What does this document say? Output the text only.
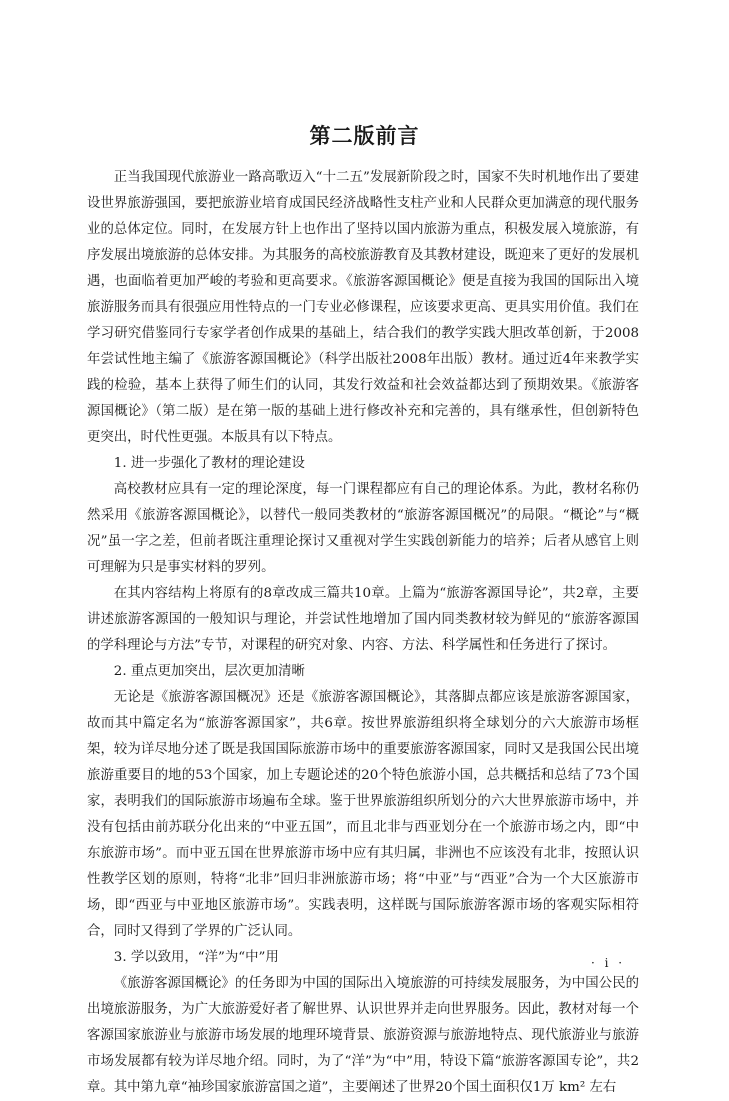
第二版前言

正当我国现代旅游业一路高歌迈入“十二五”发展新阶段之时，国家不失时机地作出了要建设世界旅游强国，要把旅游业培育成国民经济战略性支柱产业和人民群众更加满意的现代服务业的总体定位。同时，在发展方针上也作出了坚持以国内旅游为重点，积极发展入境旅游，有序发展出境旅游的总体安排。为其服务的高校旅游教育及其教材建设，既迎来了更好的发展机遇，也面临着更加严峻的考验和更高要求。《旅游客源国概论》便是直接为我国的国际出入境旅游服务而具有很强应用性特点的一门专业必修课程，应该要求更高、更具实用价值。我们在学习研究借鉴同行专家学者创作成果的基础上，结合我们的教学实践大胆改革创新，于2008年尝试性地主编了《旅游客源国概论》（科学出版社2008年出版）教材。通过近4年来教学实践的检验，基本上获得了师生们的认同，其发行效益和社会效益都达到了预期效果。《旅游客源国概论》（第二版）是在第一版的基础上进行修改补充和完善的，具有继承性，但创新特色更突出，时代性更强。本版具有以下特点。

1. 进一步强化了教材的理论建设

高校教材应具有一定的理论深度，每一门课程都应有自己的理论体系。为此，教材名称仍然采用《旅游客源国概论》，以替代一般同类教材的“旅游客源国概况”的局限。“概论”与“概况”虽一字之差，但前者既注重理论探讨又重视对学生实践创新能力的培养；后者从感官上则可理解为只是事实材料的罗列。

在其内容结构上将原有的8章改成三篇共10章。上篇为“旅游客源国导论”，共2章，主要讲述旅游客源国的一般知识与理论，并尝试性地增加了国内同类教材较为鲜见的“旅游客源国的学科理论与方法”专节，对课程的研究对象、内容、方法、科学属性和任务进行了探讨。

2. 重点更加突出，层次更加清晰

无论是《旅游客源国概况》还是《旅游客源国概论》，其落脚点都应该是旅游客源国家，故而其中篇定名为“旅游客源国家”，共6章。按世界旅游组织将全球划分的六大旅游市场框架，较为详尽地分述了既是我国国际旅游市场中的重要旅游客源国家，同时又是我国公民出境旅游重要目的地的53个国家，加上专题论述的20个特色旅游小国，总共概括和总结了73个国家，表明我们的国际旅游市场遍布全球。鉴于世界旅游组织所划分的六大世界旅游市场中，并没有包括由前苏联分化出来的“中亚五国”，而且北非与西亚划分在一个旅游市场之内，即“中东旅游市场”。而中亚五国在世界旅游市场中应有其归属，非洲也不应该没有北非，按照认识性教学区划的原则，特将“北非”回归非洲旅游市场；将“中亚”与“西亚”合为一个大区旅游市场，即“西亚与中亚地区旅游市场”。实践表明，这样既与国际旅游客源市场的客观实际相符合，同时又得到了学界的广泛认同。

3. 学以致用，“洋”为“中”用

《旅游客源国概论》的任务即为中国的国际出入境旅游的可持续发展服务，为中国公民的出境旅游服务，为广大旅游爱好者了解世界、认识世界并走向世界服务。因此，教材对每一个客源国家旅游业与旅游市场发展的地理环境背景、旅游资源与旅游地特点、现代旅游业与旅游市场发展都有较为详尽地介绍。同时，为了“洋”为“中”用，特设下篇“旅游客源国专论”，共2章。其中第九章“袖珍国家旅游富国之道”，主要阐述了世界20个国土面积仅1万 km² 左右

· i ·
